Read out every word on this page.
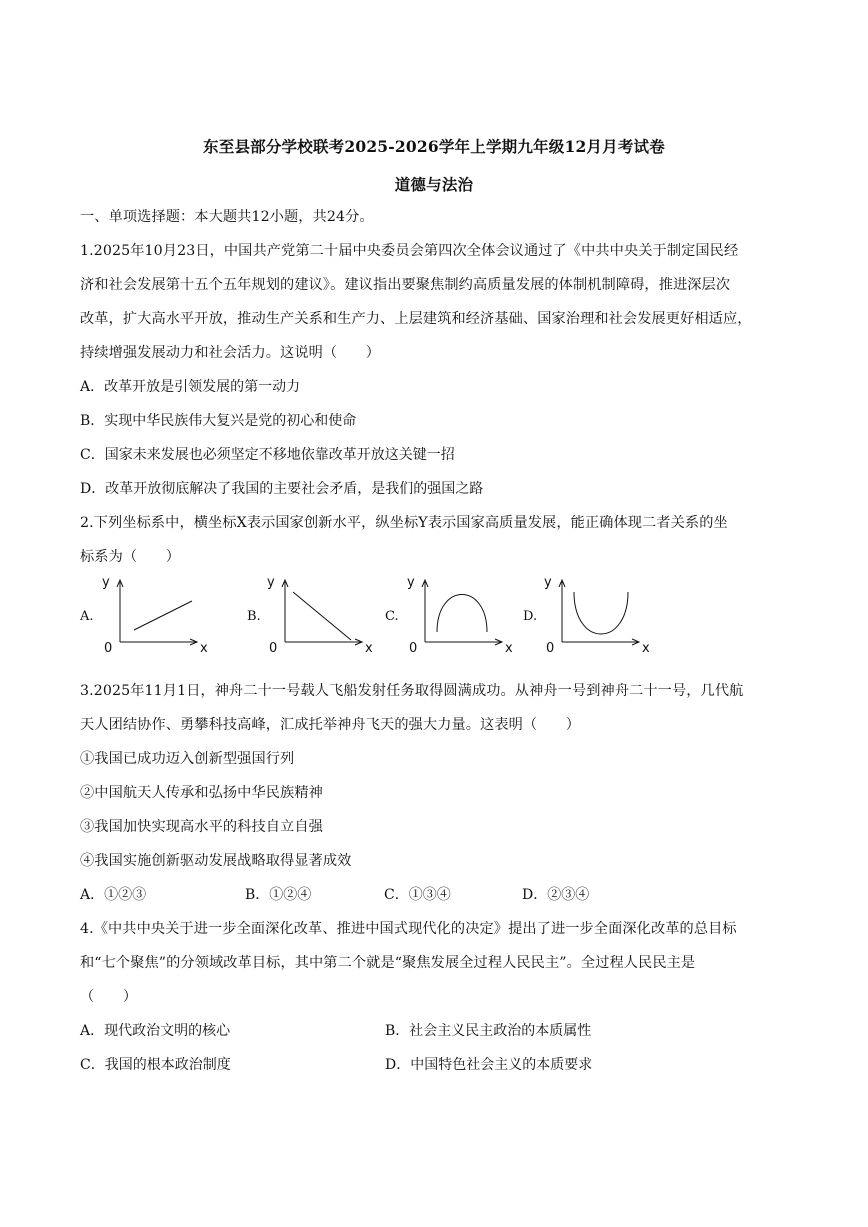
东至县部分学校联考2025-2026学年上学期九年级12月月考试卷
道德与法治
一、单项选择题：本大题共12小题，共24分。
1.2025年10月23日，中国共产党第二十届中央委员会第四次全体会议通过了《中共中央关于制定国民经
济和社会发展第十五个五年规划的建议》。建议指出要聚焦制约高质量发展的体制机制障碍，推进深层次
改革，扩大高水平开放，推动生产关系和生产力、上层建筑和经济基础、国家治理和社会发展更好相适应，
持续增强发展动力和社会活力。这说明（　　）
A．改革开放是引领发展的第一动力
B．实现中华民族伟大复兴是党的初心和使命
C．国家未来发展也必须坚定不移地依靠改革开放这关键一招
D．改革开放彻底解决了我国的主要社会矛盾，是我们的强国之路
2.下列坐标系中，横坐标X表示国家创新水平，纵坐标Y表示国家高质量发展，能正确体现二者关系的坐
标系为（　　）
A.
y
0	x
B.
y
0	x
C.
y
0	x
D.
y
0	x
3.2025年11月1日，神舟二十一号载人飞船发射任务取得圆满成功。从神舟一号到神舟二十一号，几代航
天人团结协作、勇攀科技高峰，汇成托举神舟飞天的强大力量。这表明（　　）
①我国已成功迈入创新型强国行列
②中国航天人传承和弘扬中华民族精神
③我国加快实现高水平的科技自立自强
④我国实施创新驱动发展战略取得显著成效
A．①②③	B．①②④	C．①③④	D．②③④
4.《中共中央关于进一步全面深化改革、推进中国式现代化的决定》提出了进一步全面深化改革的总目标
和“七个聚焦”的分领域改革目标，其中第二个就是“聚焦发展全过程人民民主”。全过程人民民主是
（　　）
A．现代政治文明的核心	B．社会主义民主政治的本质属性
C．我国的根本政治制度	D．中国特色社会主义的本质要求
